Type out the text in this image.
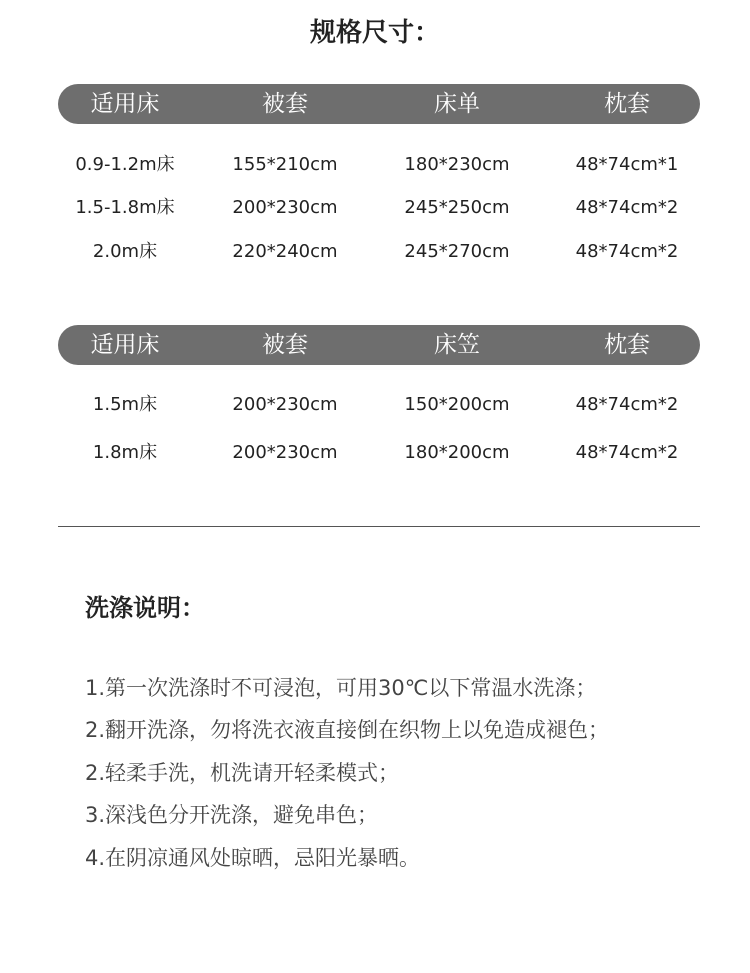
规格尺寸：
适用床	被套	床单	枕套
0.9-1.2m床	155*210cm	180*230cm	48*74cm*1
1.5-1.8m床	200*230cm	245*250cm	48*74cm*2
2.0m床	220*240cm	245*270cm	48*74cm*2
适用床	被套	床笠	枕套
1.5m床	200*230cm	150*200cm	48*74cm*2
1.8m床	200*230cm	180*200cm	48*74cm*2
洗涤说明：
1.第一次洗涤时不可浸泡，可用30℃以下常温水洗涤；
2.翻开洗涤，勿将洗衣液直接倒在织物上以免造成褪色；
2.轻柔手洗，机洗请开轻柔模式；
3.深浅色分开洗涤，避免串色；
4.在阴凉通风处晾晒，忌阳光暴晒。
